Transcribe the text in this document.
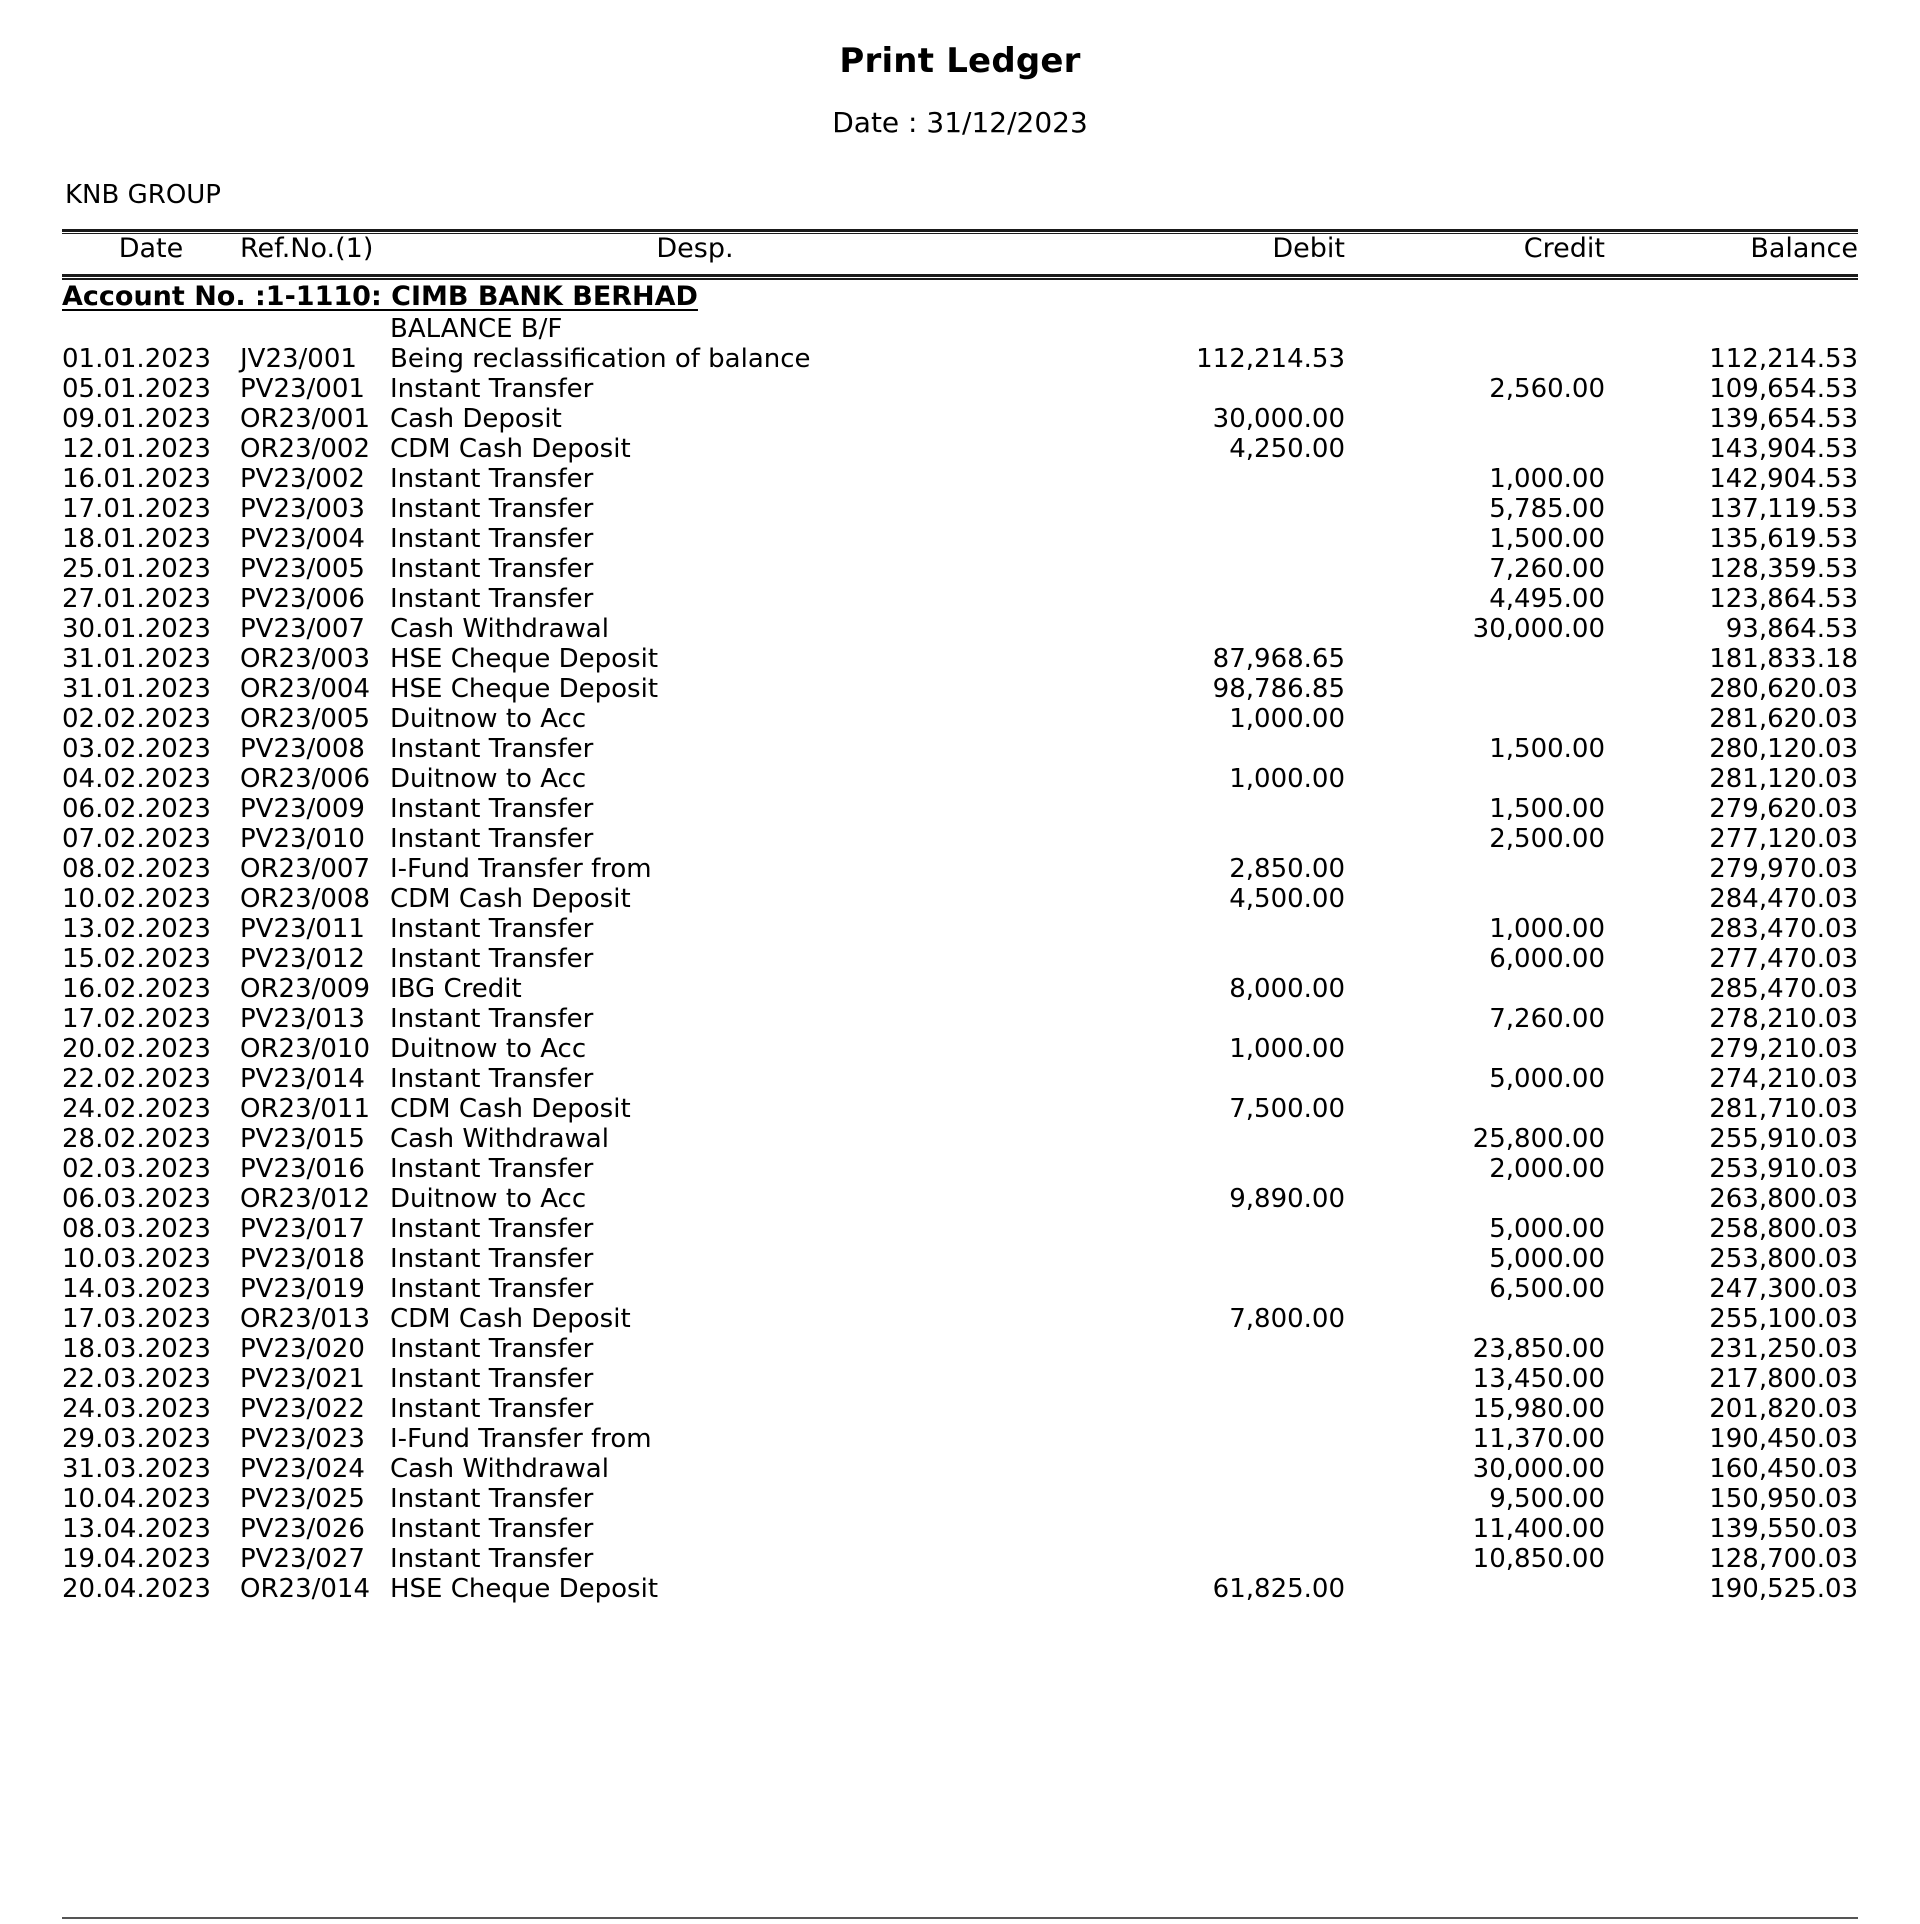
Print Ledger
Date : 31/12/2023
KNB GROUP
Date	Ref.No.(1)	Desp.	Debit	Credit	Balance
Account No. :1-1110: CIMB BANK BERHAD					
		BALANCE B/F			
01.01.2023	JV23/001	Being reclassification of balance	112,214.53		112,214.53
05.01.2023	PV23/001	Instant Transfer		2,560.00	109,654.53
09.01.2023	OR23/001	Cash Deposit	30,000.00		139,654.53
12.01.2023	OR23/002	CDM Cash Deposit	4,250.00		143,904.53
16.01.2023	PV23/002	Instant Transfer		1,000.00	142,904.53
17.01.2023	PV23/003	Instant Transfer		5,785.00	137,119.53
18.01.2023	PV23/004	Instant Transfer		1,500.00	135,619.53
25.01.2023	PV23/005	Instant Transfer		7,260.00	128,359.53
27.01.2023	PV23/006	Instant Transfer		4,495.00	123,864.53
30.01.2023	PV23/007	Cash Withdrawal		30,000.00	93,864.53
31.01.2023	OR23/003	HSE Cheque Deposit	87,968.65		181,833.18
31.01.2023	OR23/004	HSE Cheque Deposit	98,786.85		280,620.03
02.02.2023	OR23/005	Duitnow to Acc	1,000.00		281,620.03
03.02.2023	PV23/008	Instant Transfer		1,500.00	280,120.03
04.02.2023	OR23/006	Duitnow to Acc	1,000.00		281,120.03
06.02.2023	PV23/009	Instant Transfer		1,500.00	279,620.03
07.02.2023	PV23/010	Instant Transfer		2,500.00	277,120.03
08.02.2023	OR23/007	I-Fund Transfer from	2,850.00		279,970.03
10.02.2023	OR23/008	CDM Cash Deposit	4,500.00		284,470.03
13.02.2023	PV23/011	Instant Transfer		1,000.00	283,470.03
15.02.2023	PV23/012	Instant Transfer		6,000.00	277,470.03
16.02.2023	OR23/009	IBG Credit	8,000.00		285,470.03
17.02.2023	PV23/013	Instant Transfer		7,260.00	278,210.03
20.02.2023	OR23/010	Duitnow to Acc	1,000.00		279,210.03
22.02.2023	PV23/014	Instant Transfer		5,000.00	274,210.03
24.02.2023	OR23/011	CDM Cash Deposit	7,500.00		281,710.03
28.02.2023	PV23/015	Cash Withdrawal		25,800.00	255,910.03
02.03.2023	PV23/016	Instant Transfer		2,000.00	253,910.03
06.03.2023	OR23/012	Duitnow to Acc	9,890.00		263,800.03
08.03.2023	PV23/017	Instant Transfer		5,000.00	258,800.03
10.03.2023	PV23/018	Instant Transfer		5,000.00	253,800.03
14.03.2023	PV23/019	Instant Transfer		6,500.00	247,300.03
17.03.2023	OR23/013	CDM Cash Deposit	7,800.00		255,100.03
18.03.2023	PV23/020	Instant Transfer		23,850.00	231,250.03
22.03.2023	PV23/021	Instant Transfer		13,450.00	217,800.03
24.03.2023	PV23/022	Instant Transfer		15,980.00	201,820.03
29.03.2023	PV23/023	I-Fund Transfer from		11,370.00	190,450.03
31.03.2023	PV23/024	Cash Withdrawal		30,000.00	160,450.03
10.04.2023	PV23/025	Instant Transfer		9,500.00	150,950.03
13.04.2023	PV23/026	Instant Transfer		11,400.00	139,550.03
19.04.2023	PV23/027	Instant Transfer		10,850.00	128,700.03
20.04.2023	OR23/014	HSE Cheque Deposit	61,825.00		190,525.03
